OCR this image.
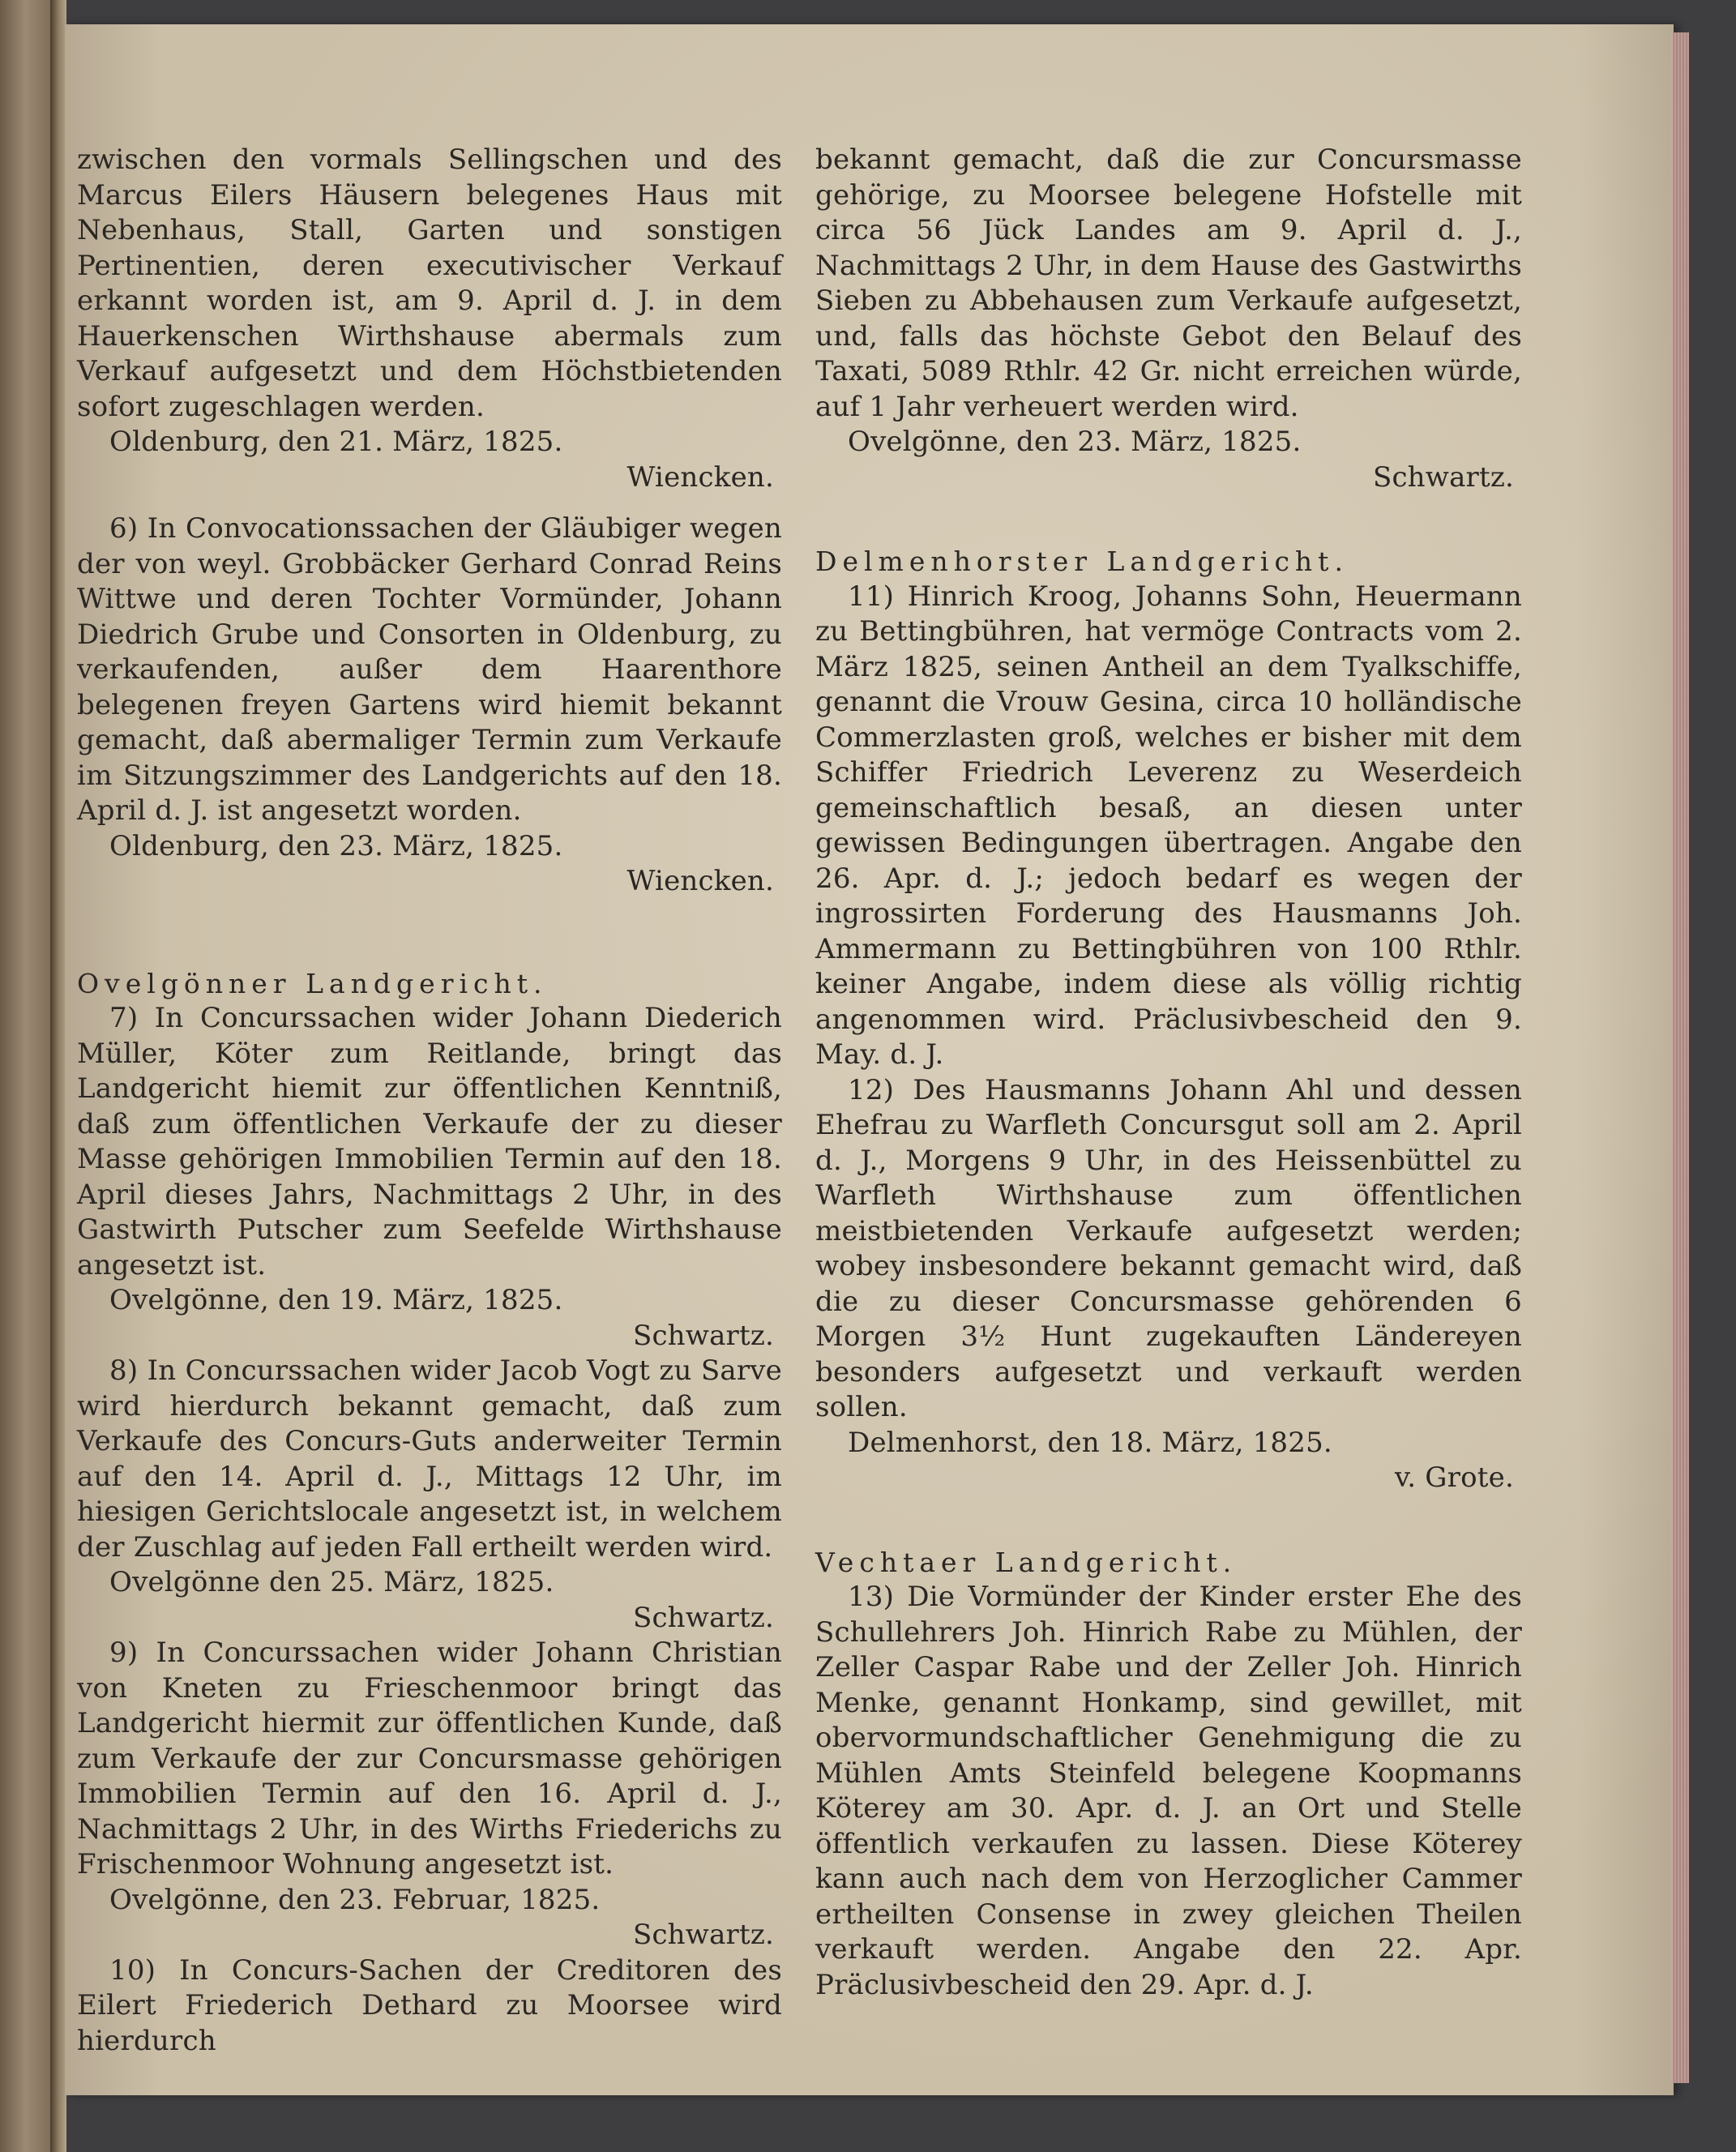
zwischen den vormals Sellingschen und des Marcus Eilers Häusern belegenes Haus mit Nebenhaus, Stall, Garten und sonstigen Pertinentien, deren executivischer Verkauf erkannt worden ist, am 9. April d. J. in dem Hauerkenschen Wirthshause abermals zum Verkauf aufgesetzt und dem Höchstbietenden sofort zugeschlagen werden.

Oldenburg, den 21. März, 1825.
Wiencken.

6) In Convocationssachen der Gläubiger wegen der von weyl. Grobbäcker Gerhard Conrad Reins Wittwe und deren Tochter Vormünder, Johann Diedrich Grube und Consorten in Oldenburg, zu verkaufenden, außer dem Haarenthore belegenen freyen Gartens wird hiemit bekannt gemacht, daß abermaliger Termin zum Verkaufe im Sitzungszimmer des Landgerichts auf den 18. April d. J. ist angesetzt worden.

Oldenburg, den 23. März, 1825.
Wiencken.
Ovelgönner Landgericht.

7) In Concurssachen wider Johann Diederich Müller, Köter zum Reitlande, bringt das Landgericht hiemit zur öffentlichen Kenntniß, daß zum öffentlichen Verkaufe der zu dieser Masse gehörigen Immobilien Termin auf den 18. April dieses Jahrs, Nachmittags 2 Uhr, in des Gastwirth Putscher zum Seefelde Wirthshause angesetzt ist.

Ovelgönne, den 19. März, 1825.
Schwartz.

8) In Concurssachen wider Jacob Vogt zu Sarve wird hierdurch bekannt gemacht, daß zum Verkaufe des Concurs-Guts anderweiter Termin auf den 14. April d. J., Mittags 12 Uhr, im hiesigen Gerichtslocale angesetzt ist, in welchem der Zuschlag auf jeden Fall ertheilt werden wird.

Ovelgönne den 25. März, 1825.
Schwartz.

9) In Concurssachen wider Johann Christian von Kneten zu Frieschenmoor bringt das Landgericht hiermit zur öffentlichen Kunde, daß zum Verkaufe der zur Concursmasse gehörigen Immobilien Termin auf den 16. April d. J., Nachmittags 2 Uhr, in des Wirths Friederichs zu Frischenmoor Wohnung angesetzt ist.

Ovelgönne, den 23. Februar, 1825.
Schwartz.

10) In Concurs-Sachen der Creditoren des Eilert Friederich Dethard zu Moorsee wird hierdurch

bekannt gemacht, daß die zur Concursmasse gehörige, zu Moorsee belegene Hofstelle mit circa 56 Jück Landes am 9. April d. J., Nachmittags 2 Uhr, in dem Hause des Gastwirths Sieben zu Abbehausen zum Verkaufe aufgesetzt, und, falls das höchste Gebot den Belauf des Taxati, 5089 Rthlr. 42 Gr. nicht erreichen würde, auf 1 Jahr verheuert werden wird.

Ovelgönne, den 23. März, 1825.
Schwartz.
Delmenhorster Landgericht.

11) Hinrich Kroog, Johanns Sohn, Heuermann zu Bettingbühren, hat vermöge Contracts vom 2. März 1825, seinen Antheil an dem Tyalkschiffe, genannt die Vrouw Gesina, circa 10 holländische Commerzlasten groß, welches er bisher mit dem Schiffer Friedrich Leverenz zu Weserdeich gemeinschaftlich besaß, an diesen unter gewissen Bedingungen übertragen. Angabe den 26. Apr. d. J.; jedoch bedarf es wegen der ingrossirten Forderung des Hausmanns Joh. Ammermann zu Bettingbühren von 100 Rthlr. keiner Angabe, indem diese als völlig richtig angenommen wird. Präclusivbescheid den 9. May. d. J.

12) Des Hausmanns Johann Ahl und dessen Ehefrau zu Warfleth Concursgut soll am 2. April d. J., Morgens 9 Uhr, in des Heissenbüttel zu Warfleth Wirthshause zum öffentlichen meistbietenden Verkaufe aufgesetzt werden; wobey insbesondere bekannt gemacht wird, daß die zu dieser Concursmasse gehörenden 6 Morgen 3½ Hunt zugekauften Ländereyen besonders aufgesetzt und verkauft werden sollen.

Delmenhorst, den 18. März, 1825.
v. Grote.
Vechtaer Landgericht.

13) Die Vormünder der Kinder erster Ehe des Schullehrers Joh. Hinrich Rabe zu Mühlen, der Zeller Caspar Rabe und der Zeller Joh. Hinrich Menke, genannt Honkamp, sind gewillet, mit obervormundschaftlicher Genehmigung die zu Mühlen Amts Steinfeld belegene Koopmanns Köterey am 30. Apr. d. J. an Ort und Stelle öffentlich verkaufen zu lassen. Diese Köterey kann auch nach dem von Herzoglicher Cammer ertheilten Consense in zwey gleichen Theilen verkauft werden. Angabe den 22. Apr. Präclusivbescheid den 29. Apr. d. J.
